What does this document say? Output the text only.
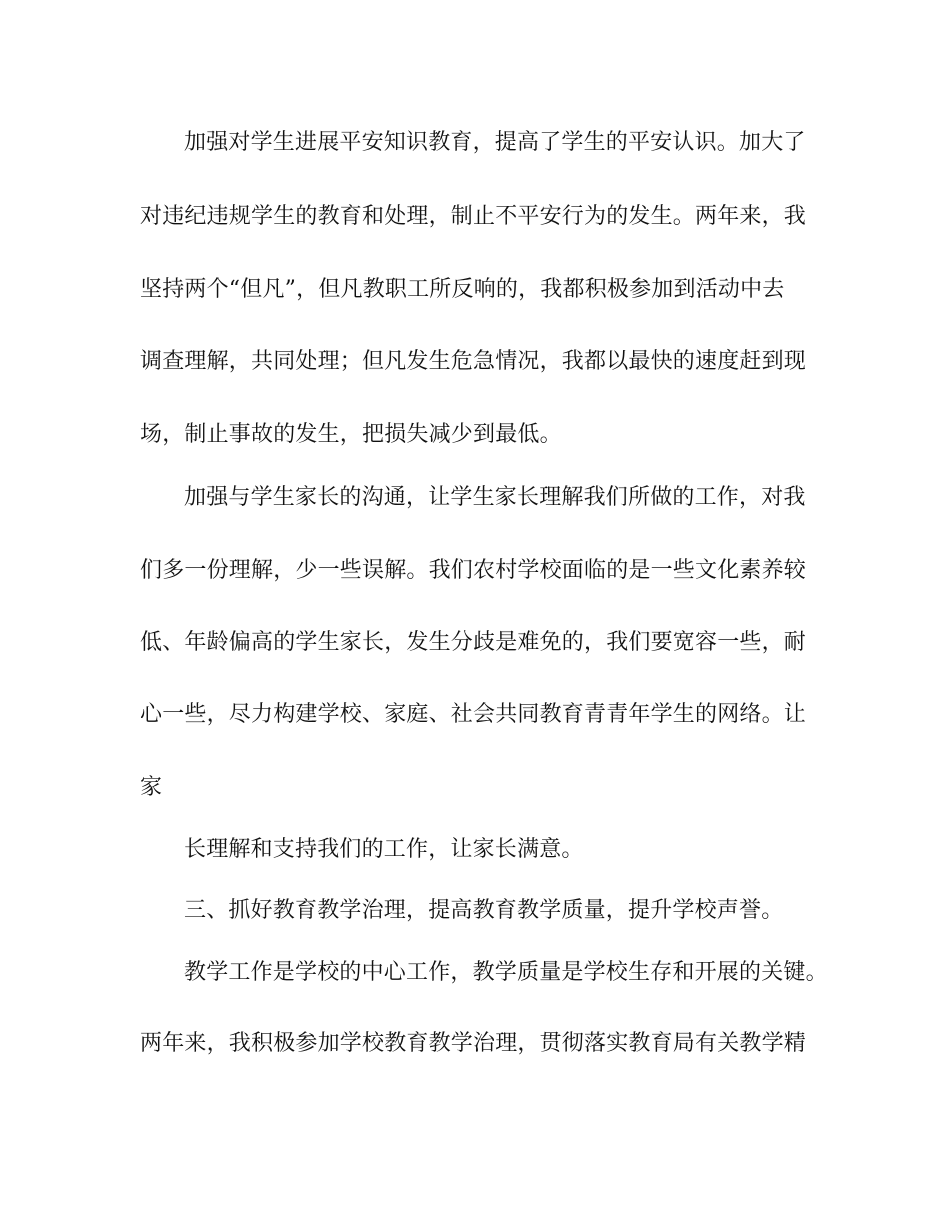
加强对学生进展平安知识教育，提高了学生的平安认识。加大了
对违纪违规学生的教育和处理，制止不平安行为的发生。两年来，我
坚持两个“但凡”，但凡教职工所反响的，我都积极参加到活动中去
调查理解，共同处理；但凡发生危急情况，我都以最快的速度赶到现
场，制止事故的发生，把损失减少到最低。
加强与学生家长的沟通，让学生家长理解我们所做的工作，对我
们多一份理解，少一些误解。我们农村学校面临的是一些文化素养较
低、年龄偏高的学生家长，发生分歧是难免的，我们要宽容一些，耐
心一些，尽力构建学校、家庭、社会共同教育青青年学生的网络。让
家
长理解和支持我们的工作，让家长满意。
三、抓好教育教学治理，提高教育教学质量，提升学校声誉。
教学工作是学校的中心工作，教学质量是学校生存和开展的关键。
两年来，我积极参加学校教育教学治理，贯彻落实教育局有关教学精
